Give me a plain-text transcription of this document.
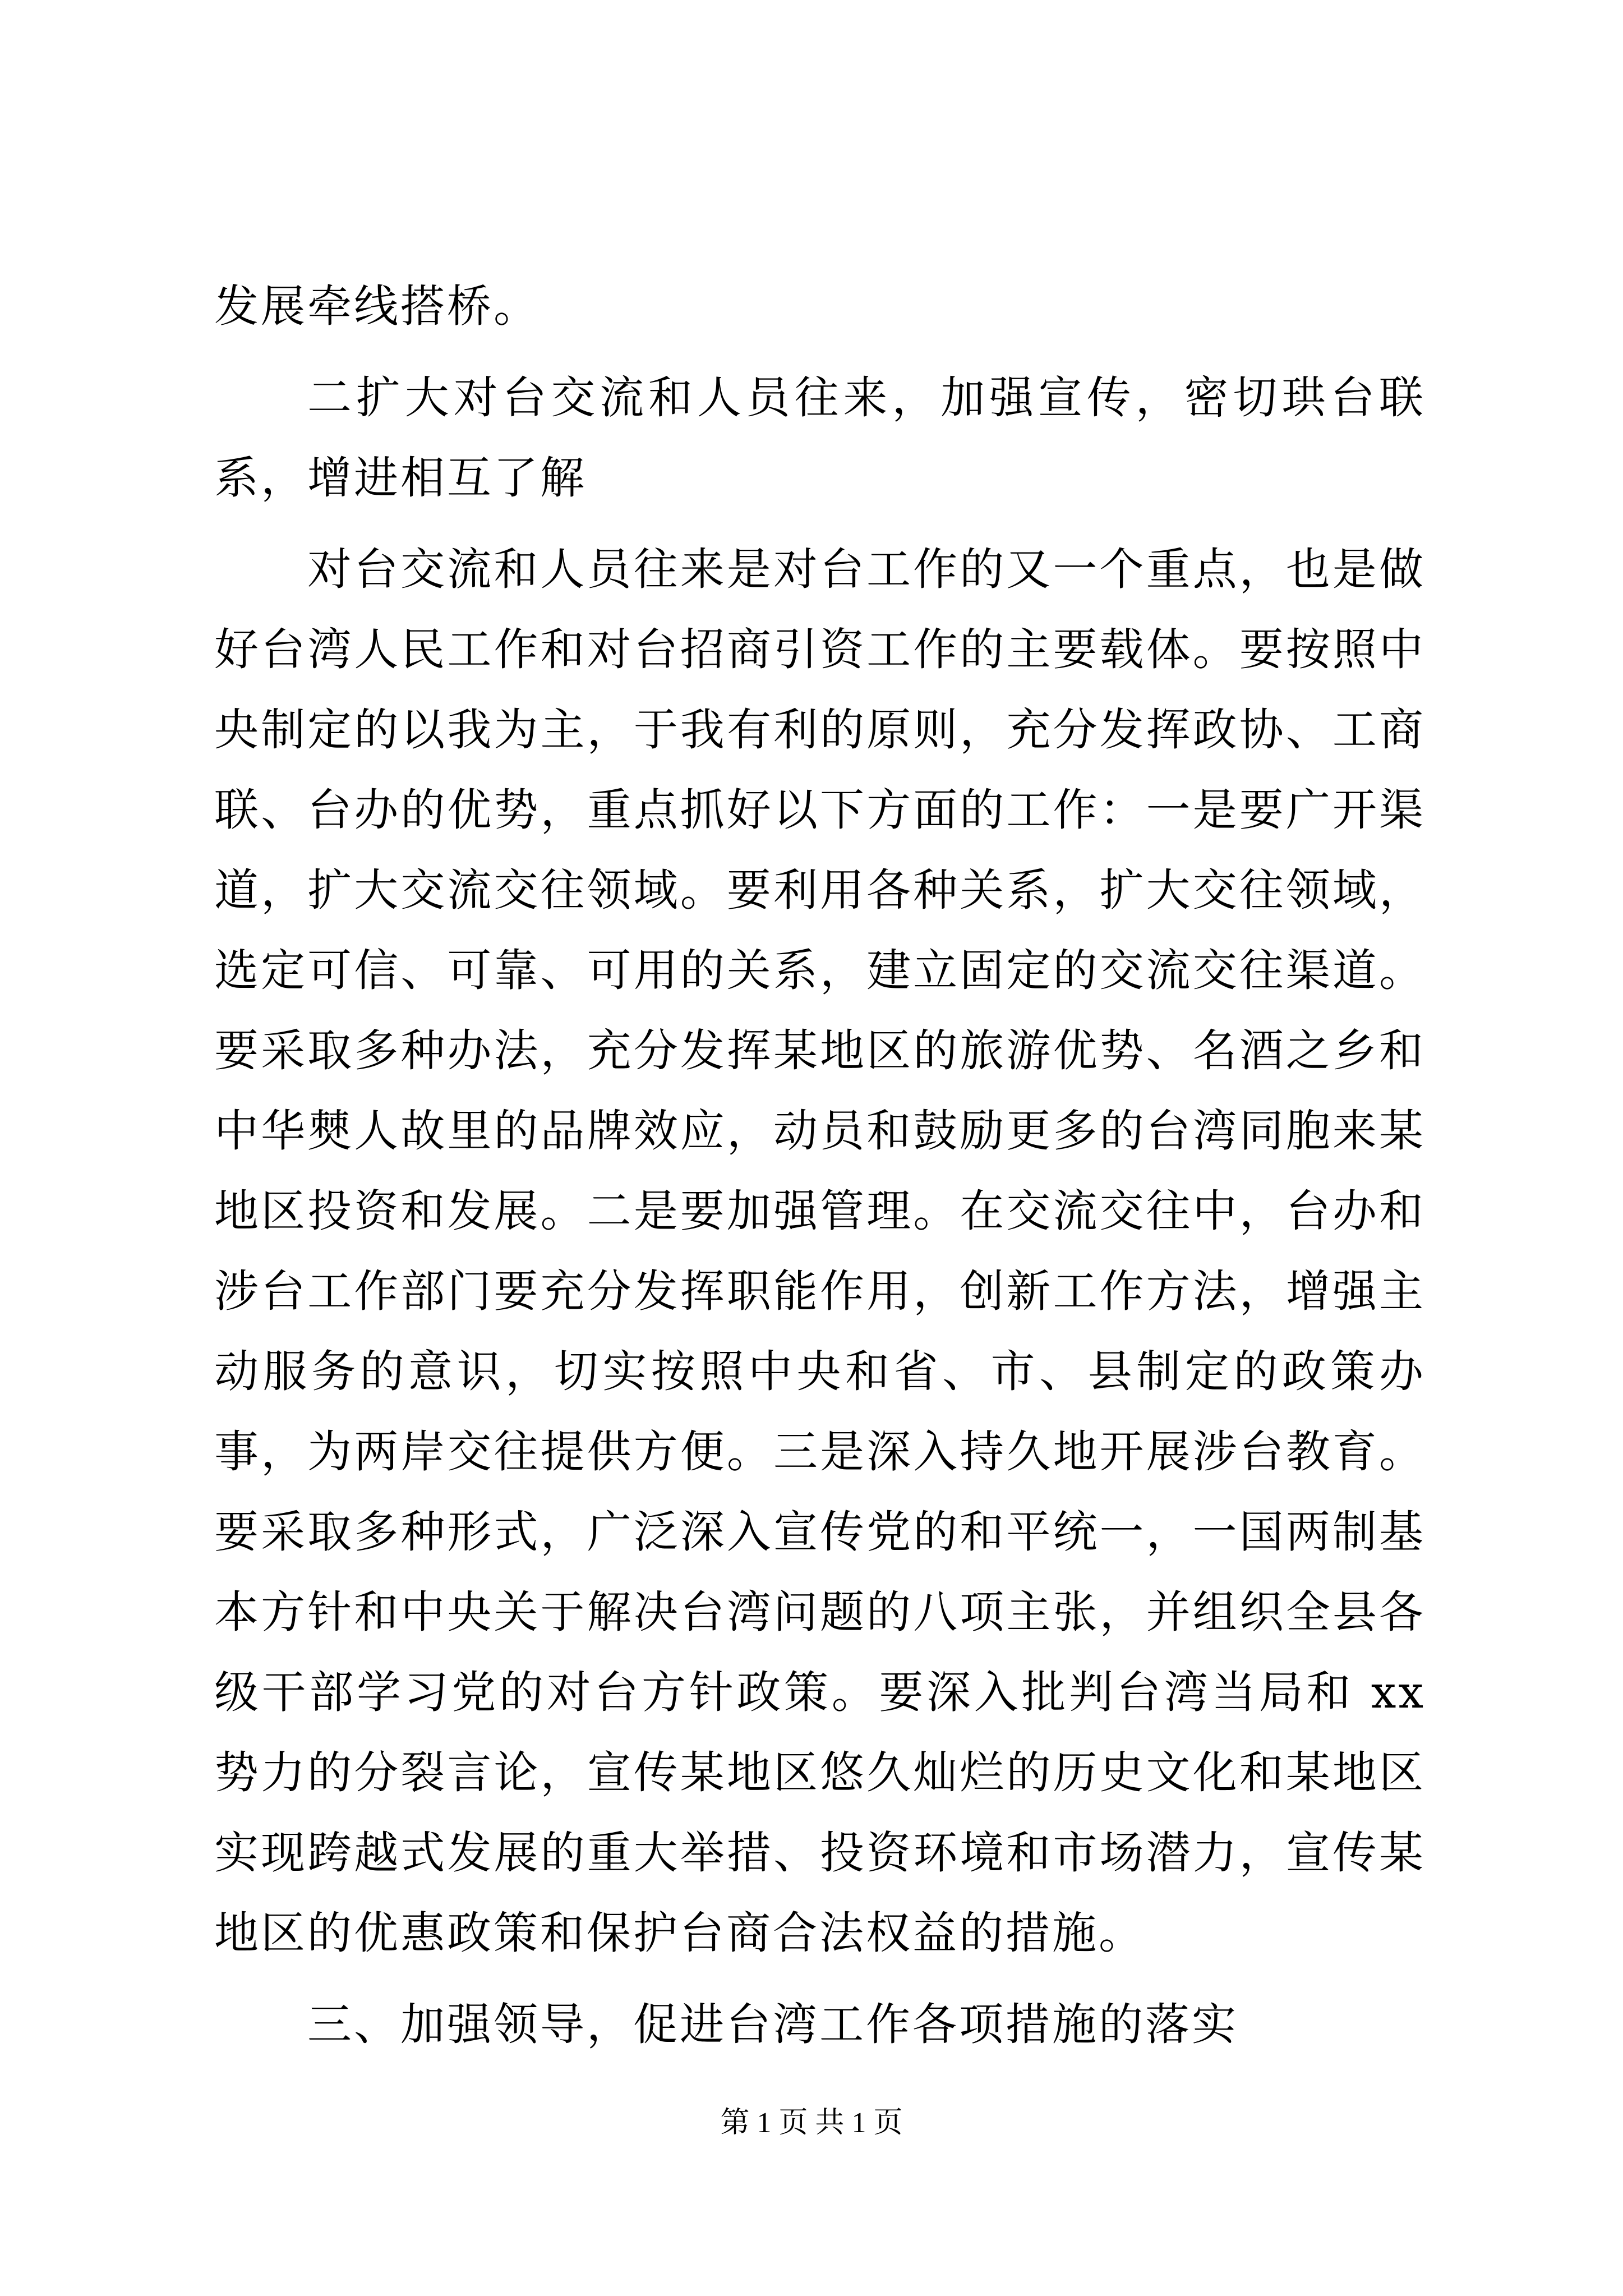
发展牵线搭桥。

二扩大对台交流和人员往来，加强宣传，密切珙台联系，增进相互了解

对台交流和人员往来是对台工作的又一个重点，也是做好台湾人民工作和对台招商引资工作的主要载体。要按照中央制定的以我为主，于我有利的原则，充分发挥政协、工商联、台办的优势，重点抓好以下方面的工作：一是要广开渠道，扩大交流交往领域。要利用各种关系，扩大交往领域，选定可信、可靠、可用的关系，建立固定的交流交往渠道。要采取多种办法，充分发挥某地区的旅游优势、名酒之乡和中华僰人故里的品牌效应，动员和鼓励更多的台湾同胞来某地区投资和发展。二是要加强管理。在交流交往中，台办和涉台工作部门要充分发挥职能作用，创新工作方法，增强主动服务的意识，切实按照中央和省、市、县制定的政策办事，为两岸交往提供方便。三是深入持久地开展涉台教育。要采取多种形式，广泛深入宣传党的和平统一，一国两制基本方针和中央关于解决台湾问题的八项主张，并组织全县各级干部学习党的对台方针政策。要深入批判台湾当局和 xx 势力的分裂言论，宣传某地区悠久灿烂的历史文化和某地区实现跨越式发展的重大举措、投资环境和市场潜力，宣传某地区的优惠政策和保护台商合法权益的措施。

三、加强领导，促进台湾工作各项措施的落实

第 1 页 共 1 页
